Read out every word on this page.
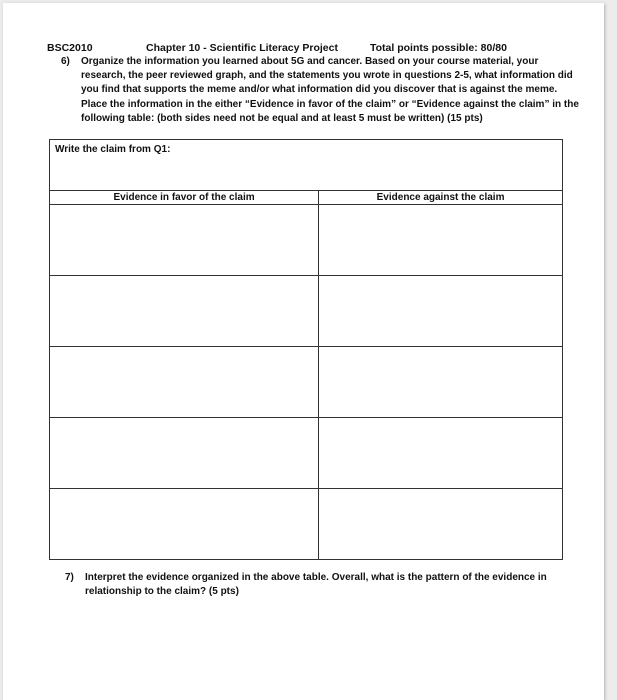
BSC2010	Chapter 10 - Scientific Literacy Project	Total points possible: 80/80
6)	Organize the information you learned about 5G and cancer. Based on your course material, your research, the peer reviewed graph, and the statements you wrote in questions 2-5, what information did you find that supports the meme and/or what information did you discover that is against the meme. Place the information in the either “Evidence in favor of the claim” or “Evidence against the claim” in the following table: (both sides need not be equal and at least 5 must be written) (15 pts)
Write the claim from Q1:	
Evidence in favor of the claim	Evidence against the claim

7)	Interpret the evidence organized in the above table. Overall, what is the pattern of the evidence in relationship to the claim? (5 pts)
